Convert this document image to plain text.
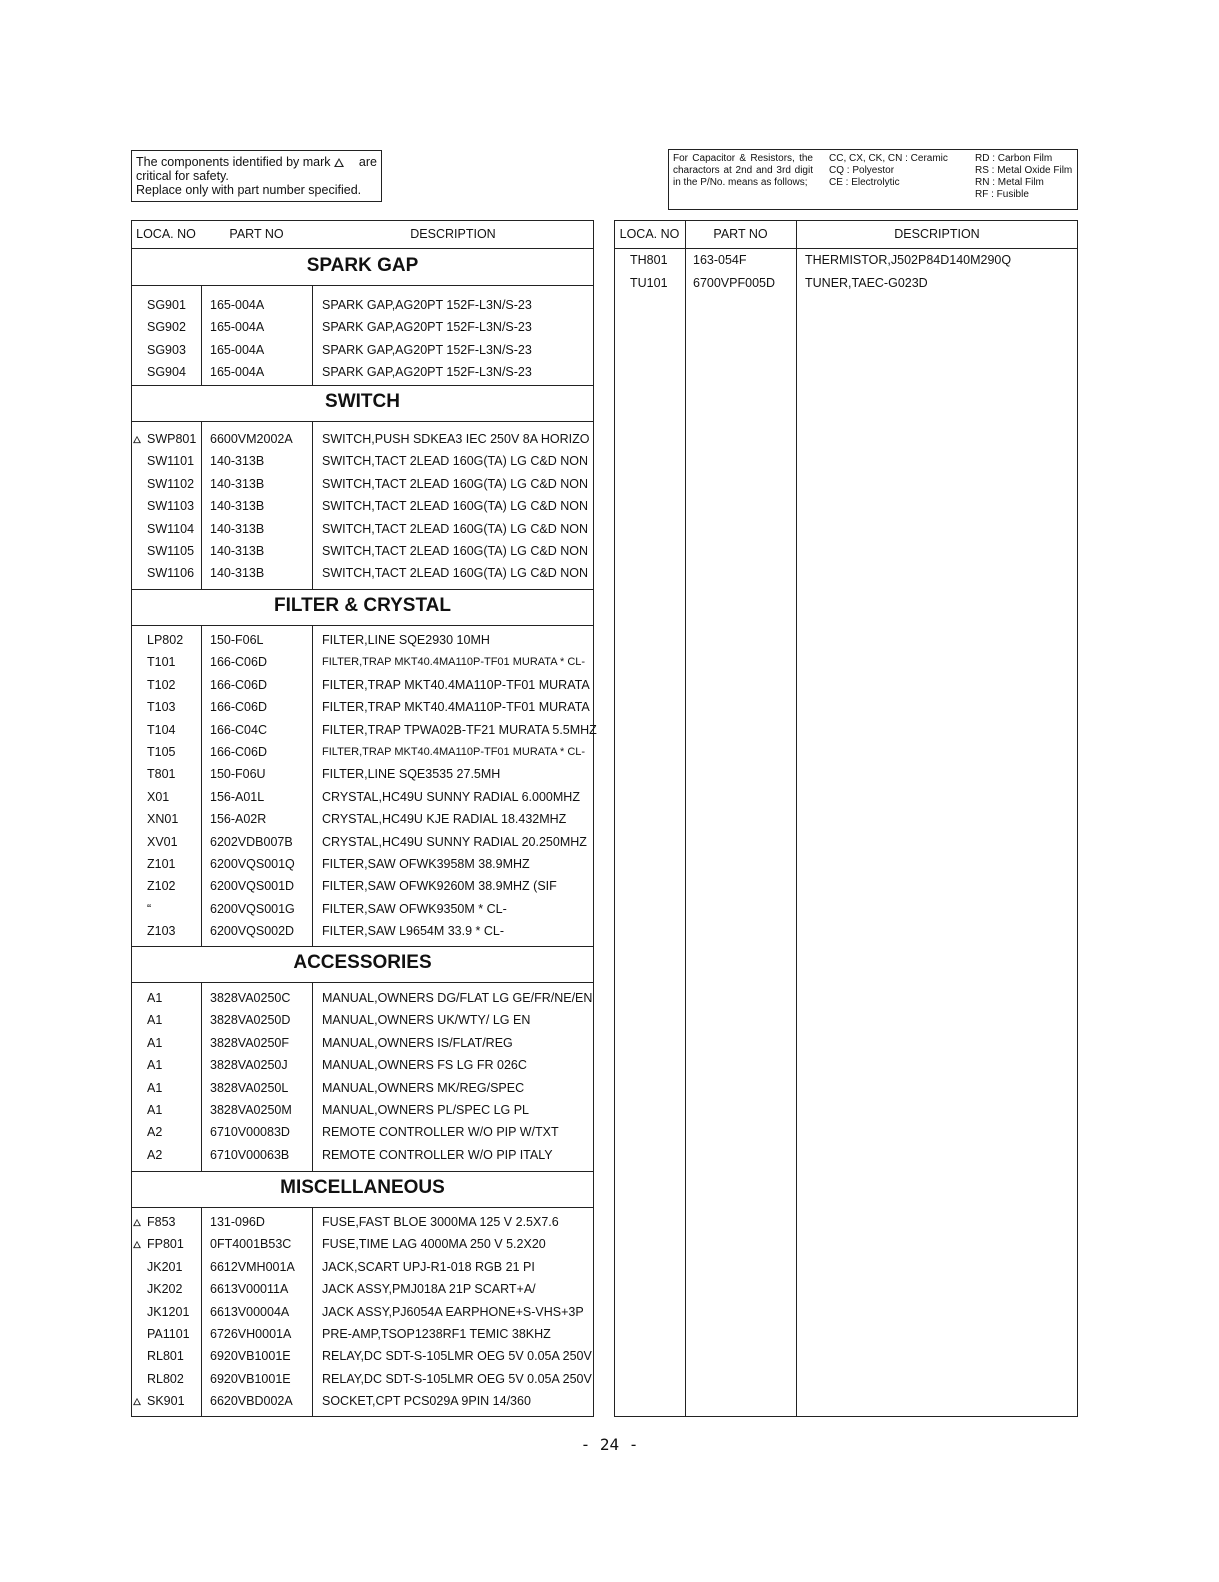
The components identified by mark	are
critical for safety.
Replace only with part number specified.
For Capacitor & Resistors, the charactors at 2nd and 3rd digit in the P/No. means as follows;
CC, CX, CK, CN : Ceramic
CQ : Polyestor
CE : Electrolytic
RD : Carbon Film
RS : Metal Oxide Film
RN : Metal Film
RF : Fusible
LOCA. NO	PART NO	DESCRIPTION
SPARK GAP
SG901	165-004A	SPARK GAP,AG20PT 152F-L3N/S-23
SG902	165-004A	SPARK GAP,AG20PT 152F-L3N/S-23
SG903	165-004A	SPARK GAP,AG20PT 152F-L3N/S-23
SG904	165-004A	SPARK GAP,AG20PT 152F-L3N/S-23
SWITCH
SWP801	6600VM2002A	SWITCH,PUSH SDKEA3 IEC 250V 8A HORIZO
SW1101	140-313B	SWITCH,TACT 2LEAD 160G(TA) LG C&D NON
SW1102	140-313B	SWITCH,TACT 2LEAD 160G(TA) LG C&D NON
SW1103	140-313B	SWITCH,TACT 2LEAD 160G(TA) LG C&D NON
SW1104	140-313B	SWITCH,TACT 2LEAD 160G(TA) LG C&D NON
SW1105	140-313B	SWITCH,TACT 2LEAD 160G(TA) LG C&D NON
SW1106	140-313B	SWITCH,TACT 2LEAD 160G(TA) LG C&D NON
FILTER & CRYSTAL
LP802	150-F06L	FILTER,LINE SQE2930 10MH
T101	166-C06D	FILTER,TRAP MKT40.4MA110P-TF01 MURATA * CL-
T102	166-C06D	FILTER,TRAP MKT40.4MA110P-TF01 MURATA
T103	166-C06D	FILTER,TRAP MKT40.4MA110P-TF01 MURATA
T104	166-C04C	FILTER,TRAP TPWA02B-TF21 MURATA 5.5MHZ
T105	166-C06D	FILTER,TRAP MKT40.4MA110P-TF01 MURATA * CL-
T801	150-F06U	FILTER,LINE SQE3535 27.5MH
X01	156-A01L	CRYSTAL,HC49U SUNNY RADIAL 6.000MHZ
XN01	156-A02R	CRYSTAL,HC49U KJE RADIAL 18.432MHZ
XV01	6202VDB007B	CRYSTAL,HC49U SUNNY RADIAL 20.250MHZ
Z101	6200VQS001Q	FILTER,SAW OFWK3958M 38.9MHZ
Z102	6200VQS001D	FILTER,SAW OFWK9260M 38.9MHZ (SIF
“	6200VQS001G	FILTER,SAW OFWK9350M * CL-
Z103	6200VQS002D	FILTER,SAW L9654M 33.9 * CL-
ACCESSORIES
A1	3828VA0250C	MANUAL,OWNERS DG/FLAT LG GE/FR/NE/EN
A1	3828VA0250D	MANUAL,OWNERS UK/WTY/ LG EN
A1	3828VA0250F	MANUAL,OWNERS IS/FLAT/REG
A1	3828VA0250J	MANUAL,OWNERS FS LG FR 026C
A1	3828VA0250L	MANUAL,OWNERS MK/REG/SPEC
A1	3828VA0250M	MANUAL,OWNERS PL/SPEC LG PL
A2	6710V00083D	REMOTE CONTROLLER W/O PIP W/TXT
A2	6710V00063B	REMOTE CONTROLLER W/O PIP ITALY
MISCELLANEOUS
F853	131-096D	FUSE,FAST BLOE 3000MA 125 V 2.5X7.6
FP801	0FT4001B53C	FUSE,TIME LAG 4000MA 250 V 5.2X20
JK201	6612VMH001A	JACK,SCART UPJ-R1-018 RGB 21 PI
JK202	6613V00011A	JACK ASSY,PMJ018A 21P SCART+A/
JK1201	6613V00004A	JACK ASSY,PJ6054A EARPHONE+S-VHS+3P
PA1101	6726VH0001A	PRE-AMP,TSOP1238RF1 TEMIC 38KHZ
RL801	6920VB1001E	RELAY,DC SDT-S-105LMR OEG 5V 0.05A 250V
RL802	6920VB1001E	RELAY,DC SDT-S-105LMR OEG 5V 0.05A 250V
SK901	6620VBD002A	SOCKET,CPT PCS029A 9PIN 14/360
LOCA. NO	PART NO	DESCRIPTION
TH801	163-054F	THERMISTOR,J502P84D140M290Q
TU101	6700VPF005D	TUNER,TAEC-G023D
- 24 -
